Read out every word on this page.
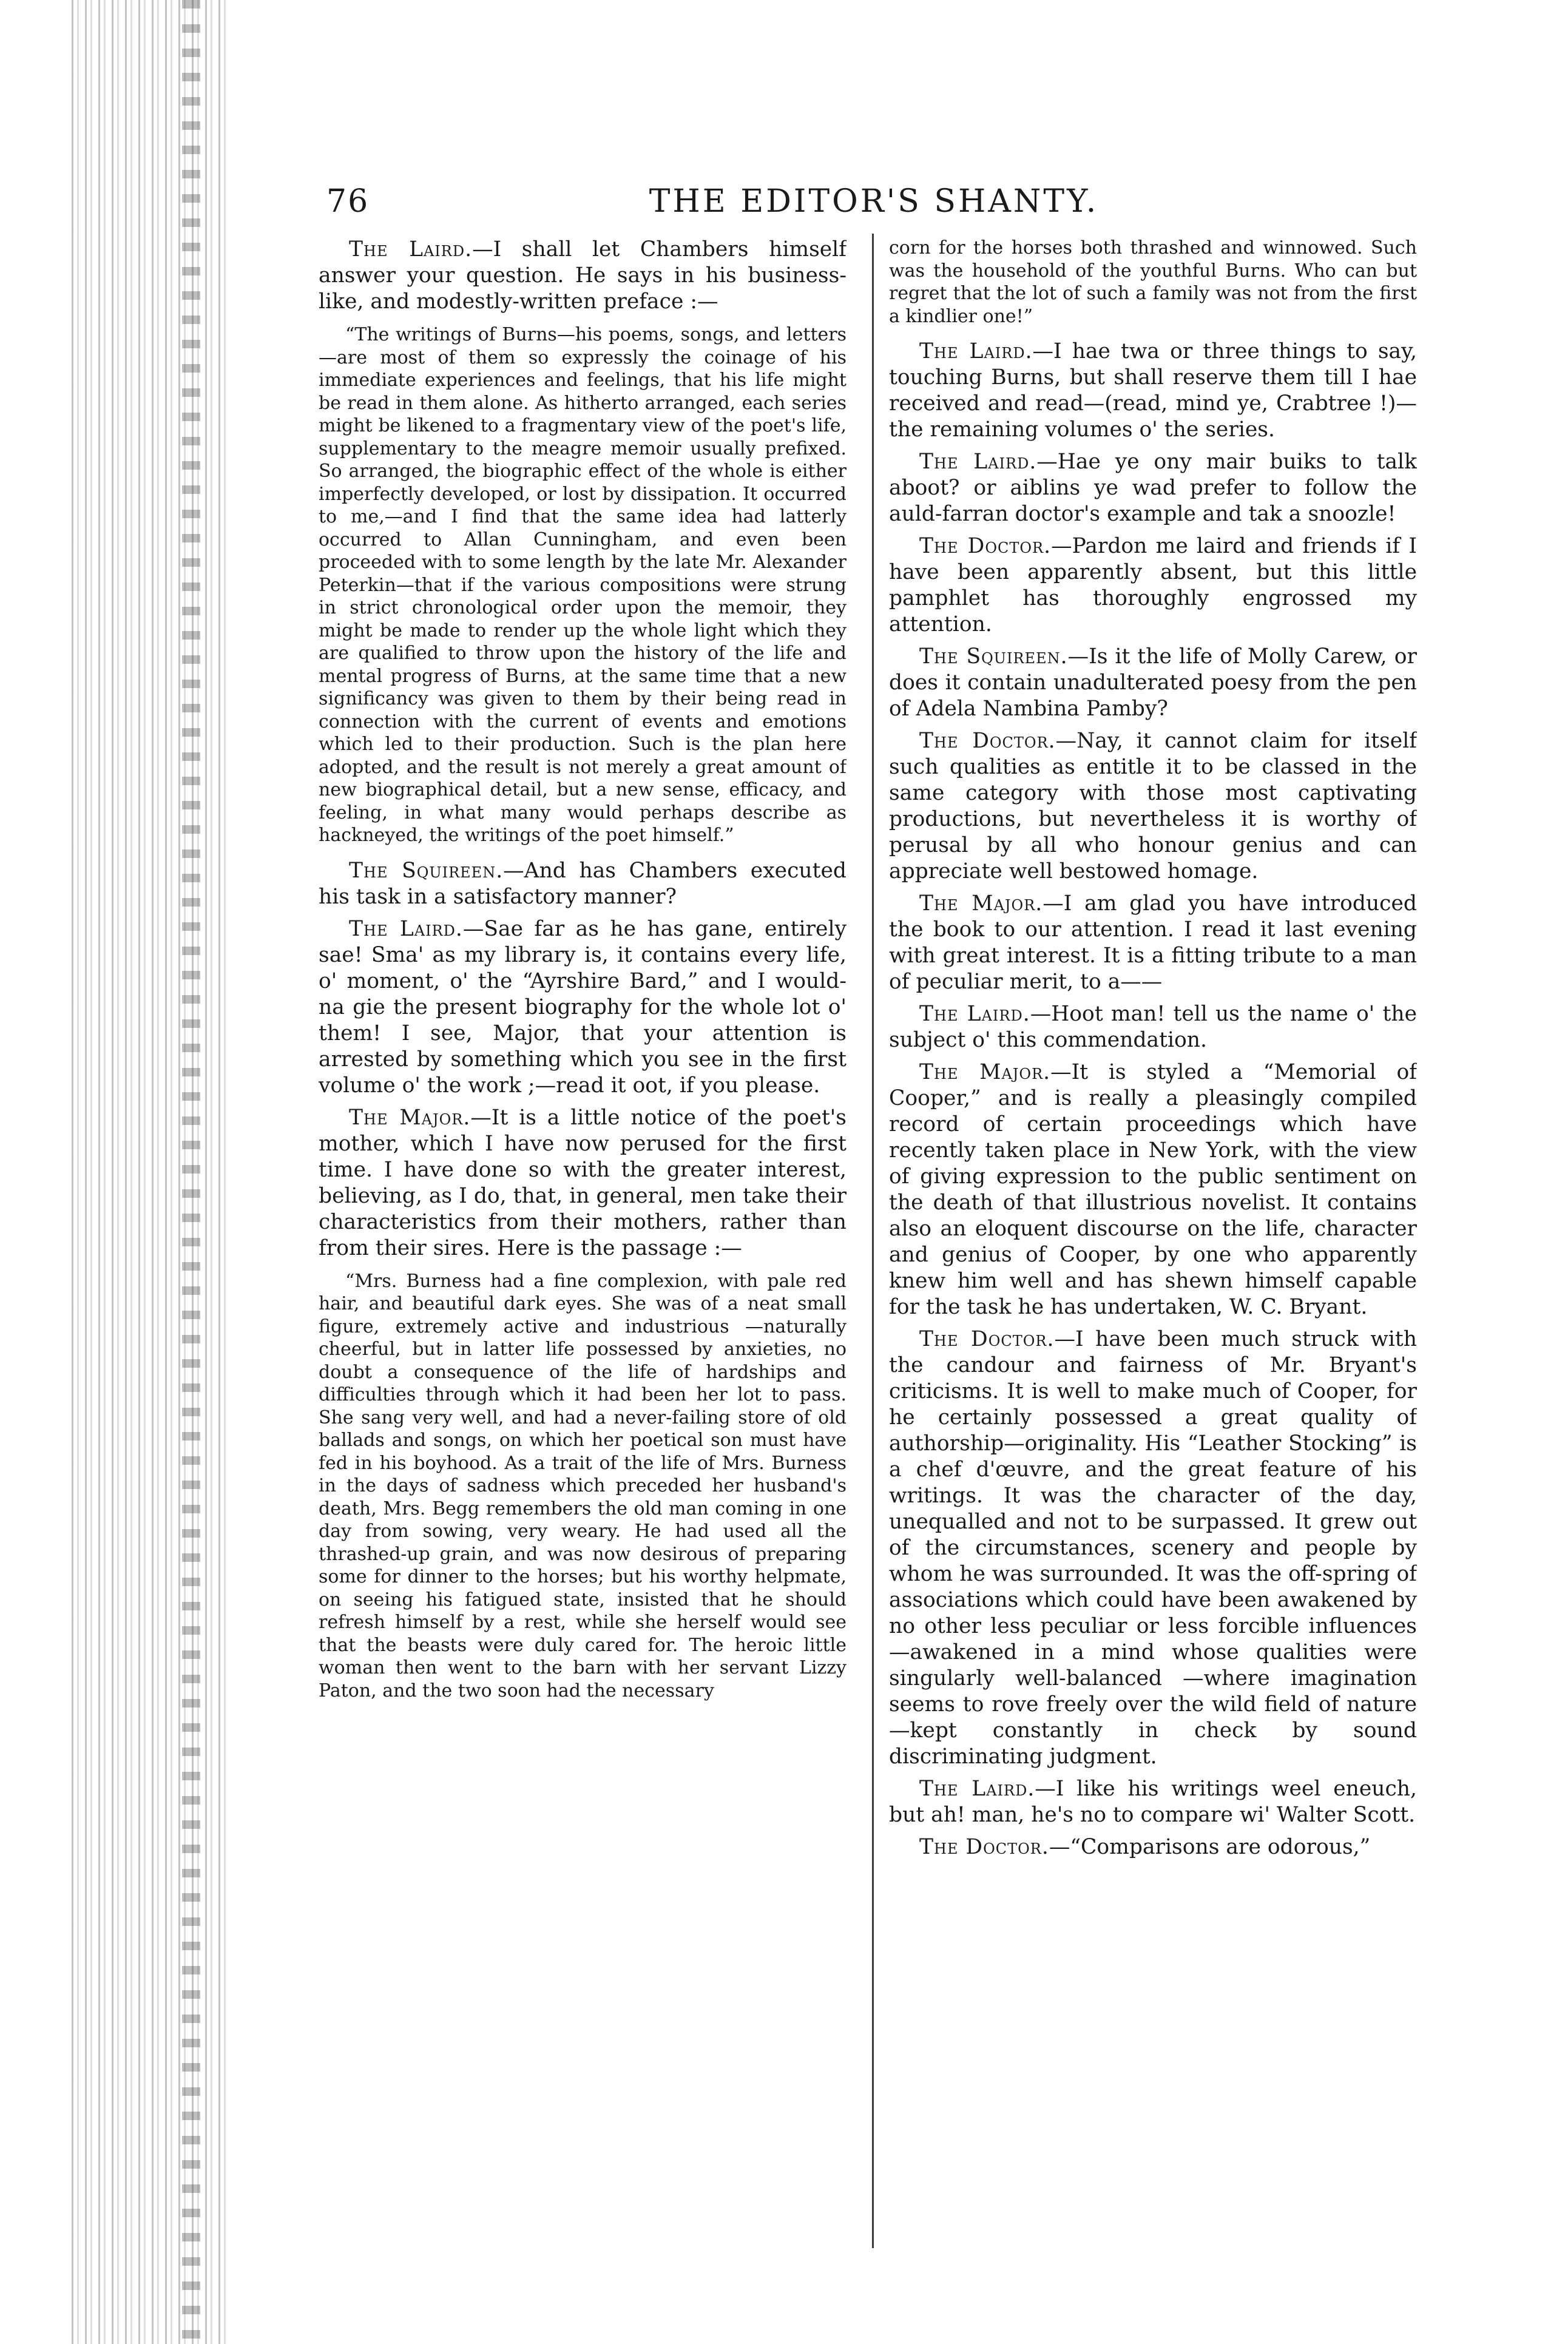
76	THE EDITOR'S SHANTY.

The Laird.—I shall let Chambers himself answer your question. He says in his business-like, and modestly-written preface :—

“The writings of Burns—his poems, songs, and letters—are most of them so expressly the coinage of his immediate experiences and feelings, that his life might be read in them alone. As hitherto arranged, each series might be likened to a fragmentary view of the poet's life, supplementary to the meagre memoir usually prefixed. So arranged, the biographic effect of the whole is either imperfectly developed, or lost by dissipation. It occurred to me,—and I find that the same idea had latterly occurred to Allan Cunningham, and even been proceeded with to some length by the late Mr. Alexander Peterkin—that if the various compositions were strung in strict chronological order upon the memoir, they might be made to render up the whole light which they are qualified to throw upon the history of the life and mental progress of Burns, at the same time that a new significancy was given to them by their being read in connection with the current of events and emotions which led to their production. Such is the plan here adopted, and the result is not merely a great amount of new biographical detail, but a new sense, efficacy, and feeling, in what many would perhaps describe as hackneyed, the writings of the poet himself.”

The Squireen.—And has Chambers executed his task in a satisfactory manner?

The Laird.—Sae far as he has gane, entirely sae! Sma' as my library is, it contains every life, o' moment, o' the “Ayrshire Bard,” and I would-na gie the present biography for the whole lot o' them! I see, Major, that your attention is arrested by something which you see in the first volume o' the work ;—read it oot, if you please.

The Major.—It is a little notice of the poet's mother, which I have now perused for the first time. I have done so with the greater interest, believing, as I do, that, in general, men take their characteristics from their mothers, rather than from their sires. Here is the passage :—

“Mrs. Burness had a fine complexion, with pale red hair, and beautiful dark eyes. She was of a neat small figure, extremely active and industrious —naturally cheerful, but in latter life possessed by anxieties, no doubt a consequence of the life of hardships and difficulties through which it had been her lot to pass. She sang very well, and had a never-failing store of old ballads and songs, on which her poetical son must have fed in his boyhood. As a trait of the life of Mrs. Burness in the days of sadness which preceded her husband's death, Mrs. Begg remembers the old man coming in one day from sowing, very weary. He had used all the thrashed-up grain, and was now desirous of preparing some for dinner to the horses; but his worthy helpmate, on seeing his fatigued state, insisted that he should refresh himself by a rest, while she herself would see that the beasts were duly cared for. The heroic little woman then went to the barn with her servant Lizzy Paton, and the two soon had the necessary

corn for the horses both thrashed and winnowed. Such was the household of the youthful Burns. Who can but regret that the lot of such a family was not from the first a kindlier one!”

The Laird.—I hae twa or three things to say, touching Burns, but shall reserve them till I hae received and read—(read, mind ye, Crabtree !)—the remaining volumes o' the series.

The Laird.—Hae ye ony mair buiks to talk aboot? or aiblins ye wad prefer to follow the auld-farran doctor's example and tak a snoozle!

The Doctor.—Pardon me laird and friends if I have been apparently absent, but this little pamphlet has thoroughly engrossed my attention.

The Squireen.—Is it the life of Molly Carew, or does it contain unadulterated poesy from the pen of Adela Nambina Pamby?

The Doctor.—Nay, it cannot claim for itself such qualities as entitle it to be classed in the same category with those most captivating productions, but nevertheless it is worthy of perusal by all who honour genius and can appreciate well bestowed homage.

The Major.—I am glad you have introduced the book to our attention. I read it last evening with great interest. It is a fitting tribute to a man of peculiar merit, to a——

The Laird.—Hoot man! tell us the name o' the subject o' this commendation.

The Major.—It is styled a “Memorial of Cooper,” and is really a pleasingly compiled record of certain proceedings which have recently taken place in New York, with the view of giving expression to the public sentiment on the death of that illustrious novelist. It contains also an eloquent discourse on the life, character and genius of Cooper, by one who apparently knew him well and has shewn himself capable for the task he has undertaken, W. C. Bryant.

The Doctor.—I have been much struck with the candour and fairness of Mr. Bryant's criticisms. It is well to make much of Cooper, for he certainly possessed a great quality of authorship—originality. His “Leather Stocking” is a chef d'œuvre, and the great feature of his writings. It was the character of the day, unequalled and not to be surpassed. It grew out of the circumstances, scenery and people by whom he was surrounded. It was the off-spring of associations which could have been awakened by no other less peculiar or less forcible influences—awakened in a mind whose qualities were singularly well-balanced —where imagination seems to rove freely over the wild field of nature—kept constantly in check by sound discriminating judgment.

The Laird.—I like his writings weel eneuch, but ah! man, he's no to compare wi' Walter Scott.

The Doctor.—“Comparisons are odorous,”
